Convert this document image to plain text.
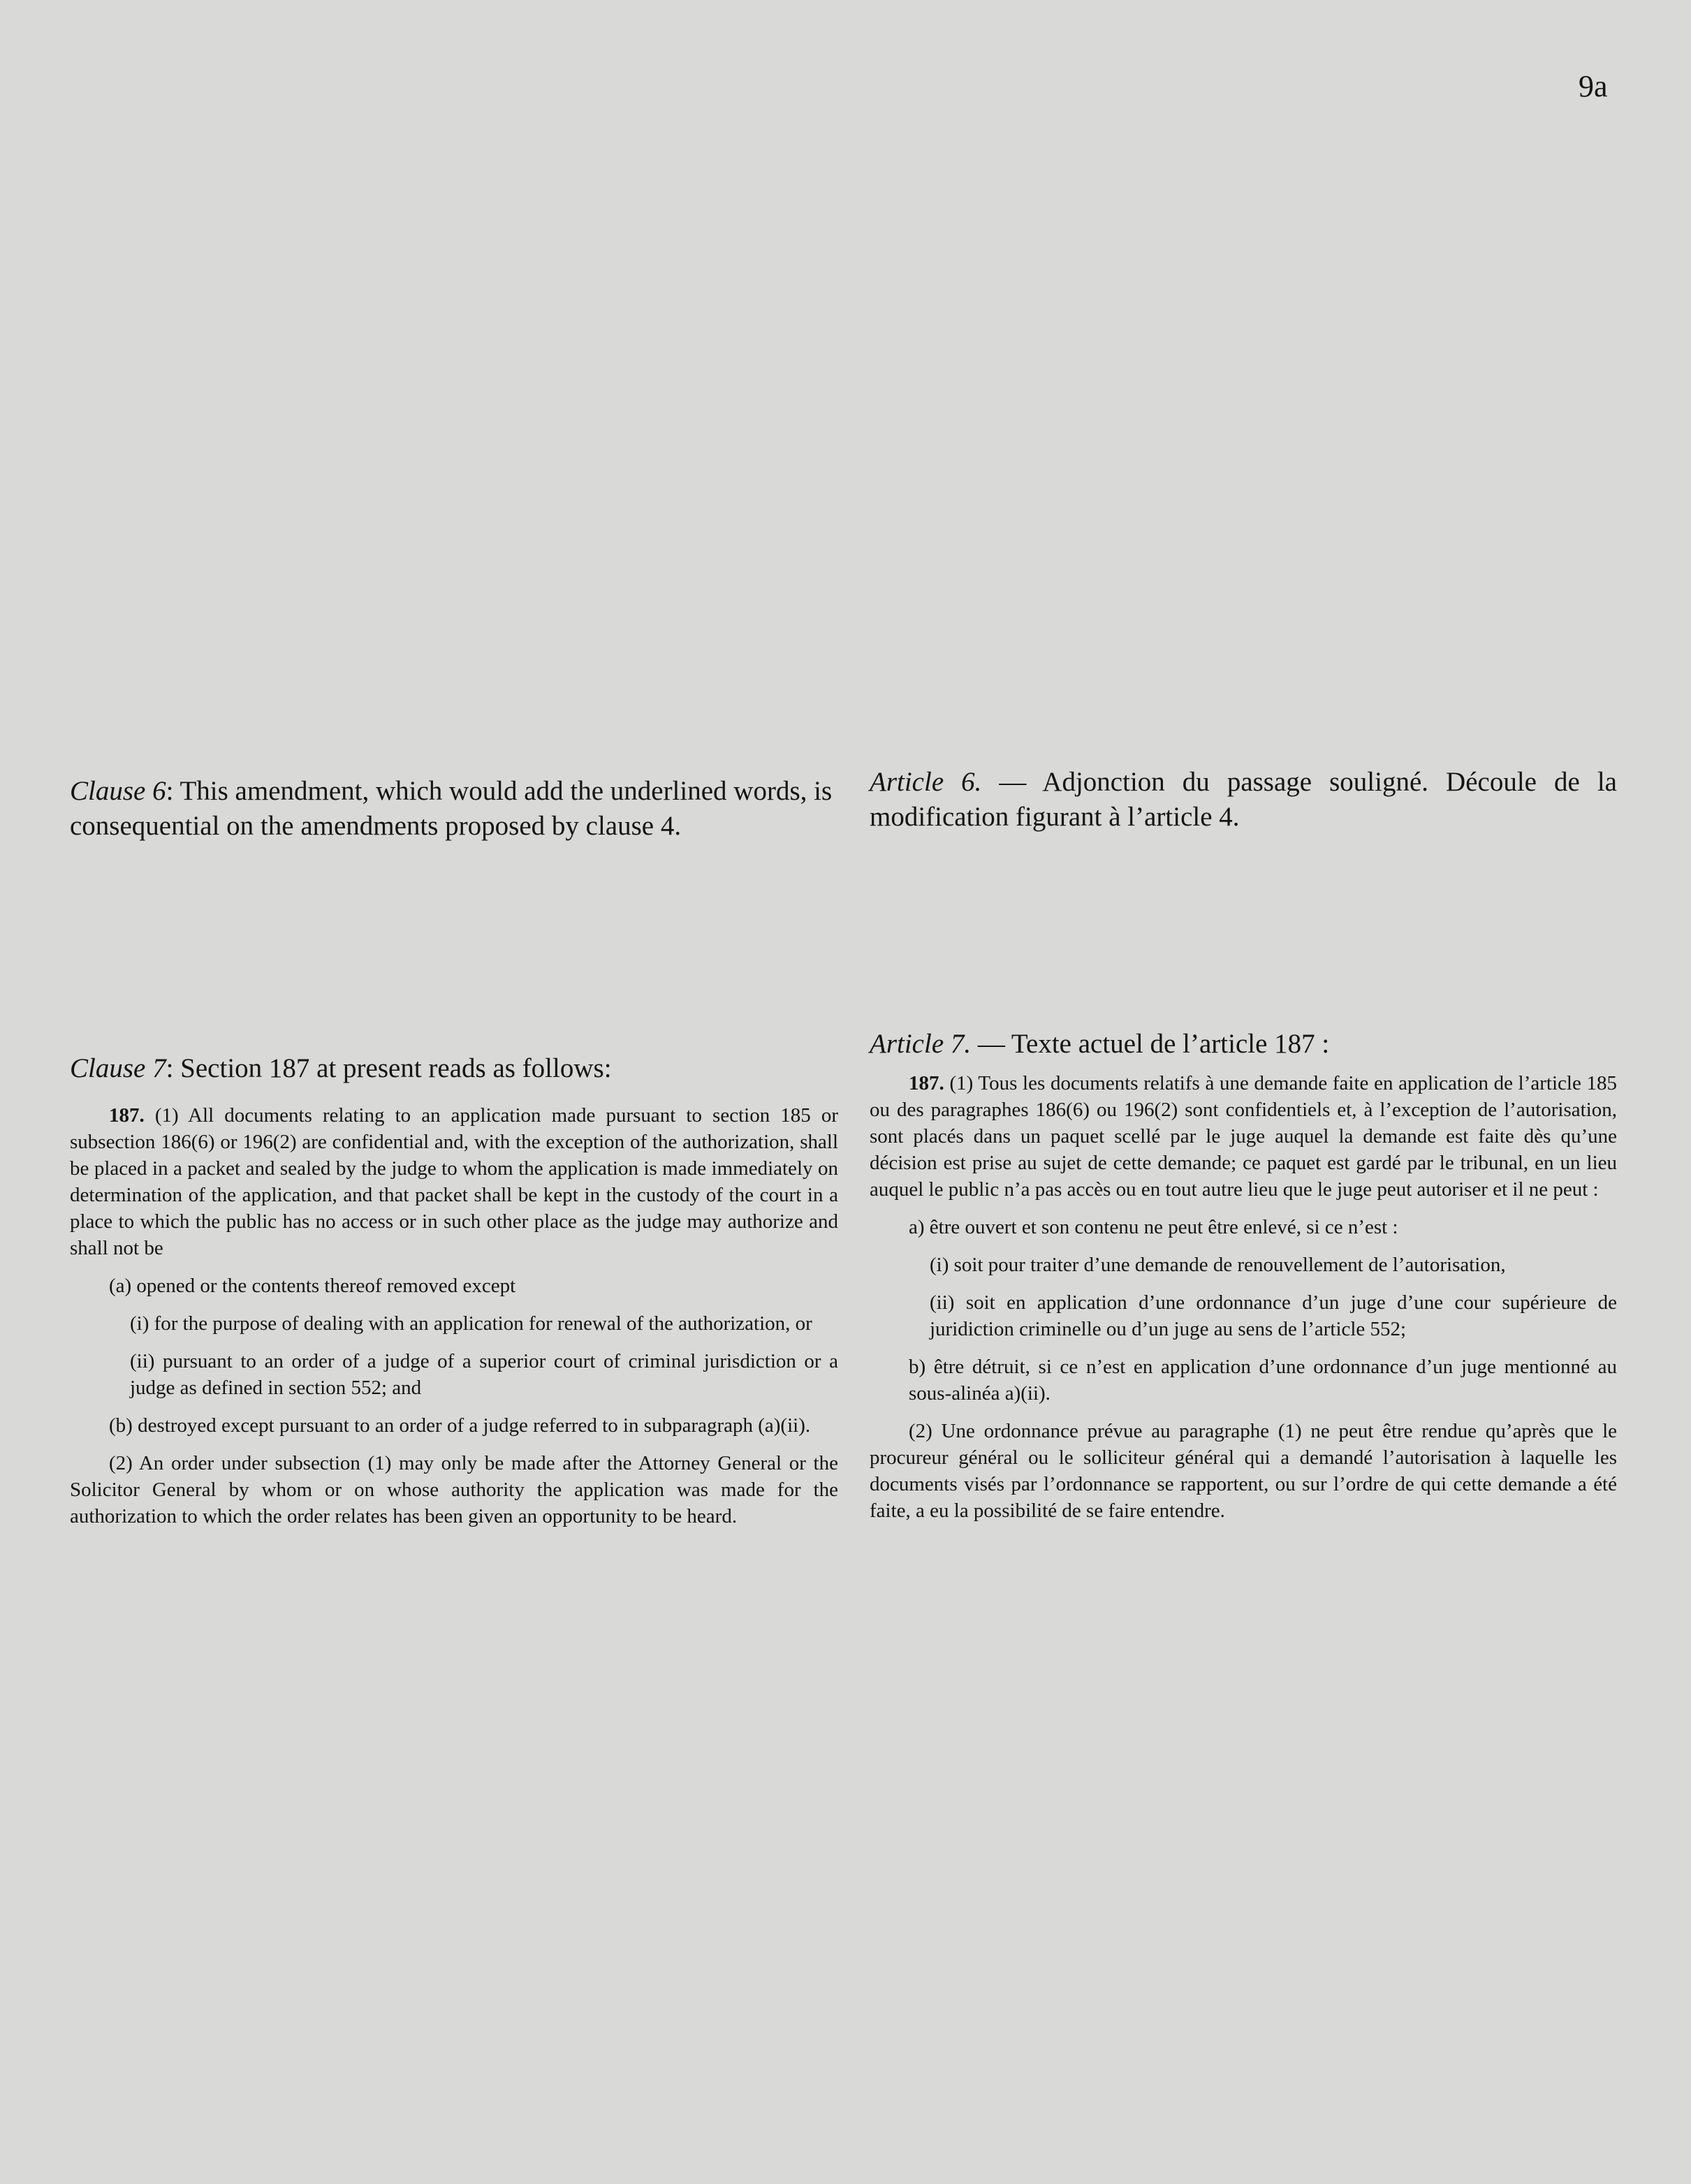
9a

Clause 6: This amendment, which would add the underlined words, is consequential on the amendments proposed by clause 4.

Clause 7: Section 187 at present reads as follows:

187. (1) All documents relating to an application made pursuant to section 185 or subsection 186(6) or 196(2) are confidential and, with the exception of the authorization, shall be placed in a packet and sealed by the judge to whom the application is made immediately on determination of the application, and that packet shall be kept in the custody of the court in a place to which the public has no access or in such other place as the judge may authorize and shall not be

(a) opened or the contents thereof removed except

(i) for the purpose of dealing with an application for renewal of the authorization, or

(ii) pursuant to an order of a judge of a superior court of criminal jurisdiction or a judge as defined in section 552; and

(b) destroyed except pursuant to an order of a judge referred to in subparagraph (a)(ii).

(2) An order under subsection (1) may only be made after the Attorney General or the Solicitor General by whom or on whose authority the application was made for the authorization to which the order relates has been given an opportunity to be heard.

Article 6. — Adjonction du passage souligné. Découle de la modification figurant à l’article 4.

Article 7. — Texte actuel de l’article 187 :

187. (1) Tous les documents relatifs à une demande faite en application de l’article 185 ou des paragraphes 186(6) ou 196(2) sont confidentiels et, à l’exception de l’autorisation, sont placés dans un paquet scellé par le juge auquel la demande est faite dès qu’une décision est prise au sujet de cette demande; ce paquet est gardé par le tribunal, en un lieu auquel le public n’a pas accès ou en tout autre lieu que le juge peut autoriser et il ne peut :

a) être ouvert et son contenu ne peut être enlevé, si ce n’est :

(i) soit pour traiter d’une demande de renouvellement de l’autorisation,

(ii) soit en application d’une ordonnance d’un juge d’une cour supérieure de juridiction criminelle ou d’un juge au sens de l’article 552;

b) être détruit, si ce n’est en application d’une ordonnance d’un juge mentionné au sous-alinéa a)(ii).

(2) Une ordonnance prévue au paragraphe (1) ne peut être rendue qu’après que le procureur général ou le solliciteur général qui a demandé l’autorisation à laquelle les documents visés par l’ordonnance se rapportent, ou sur l’ordre de qui cette demande a été faite, a eu la possibilité de se faire entendre.
